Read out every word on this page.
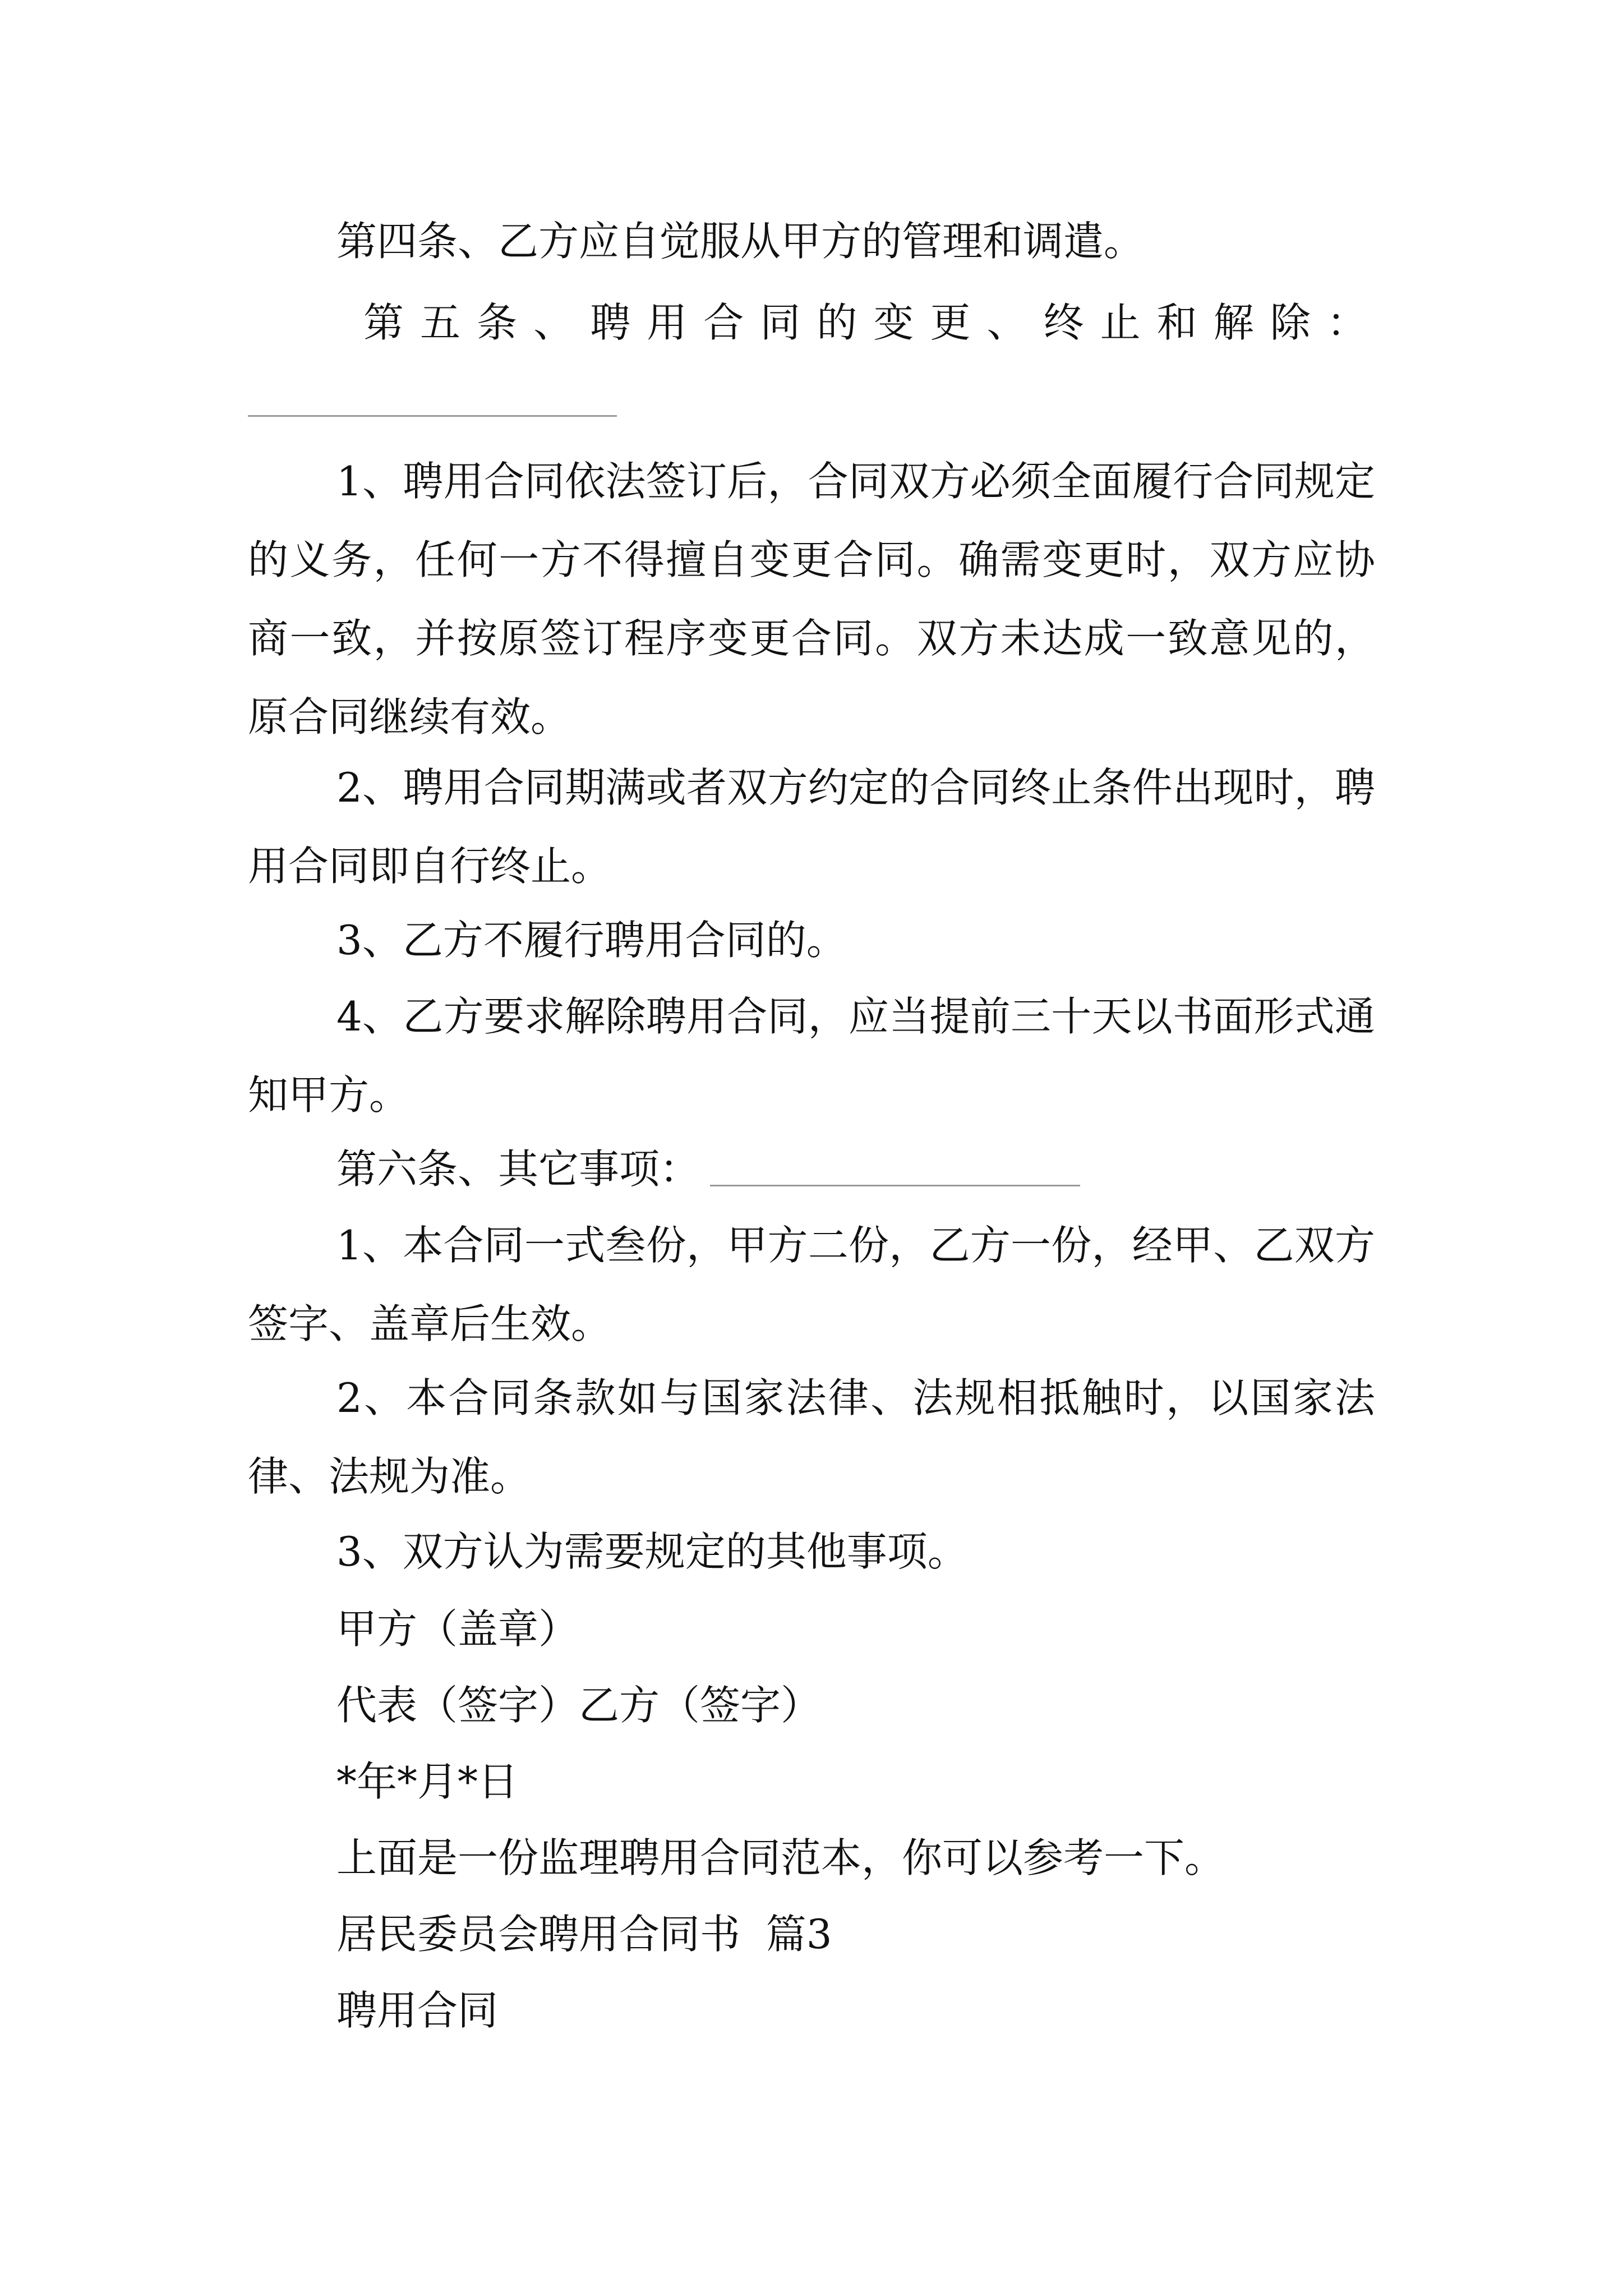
第四条、乙方应自觉服从甲方的管理和调遣。

第 五 条 、 聘 用 合 同 的 变 更 、 终 止 和 解 除 ：

1、聘用合同依法签订后，合同双方必须全面履行合同规定的义务，任何一方不得擅自变更合同。确需变更时，双方应协商一致，并按原签订程序变更合同。双方未达成一致意见的，原合同继续有效。

2、聘用合同期满或者双方约定的合同终止条件出现时，聘用合同即自行终止。

3、乙方不履行聘用合同的。

4、乙方要求解除聘用合同，应当提前三十天以书面形式通知甲方。

第六条、其它事项：

1、本合同一式叁份，甲方二份，乙方一份，经甲、乙双方签字、盖章后生效。

2、本合同条款如与国家法律、法规相抵触时，以国家法律、法规为准。

3、双方认为需要规定的其他事项。

甲方（盖章）

代表（签字）乙方（签字）

*年*月*日

上面是一份监理聘用合同范本，你可以参考一下。

居民委员会聘用合同书  篇3

聘用合同
